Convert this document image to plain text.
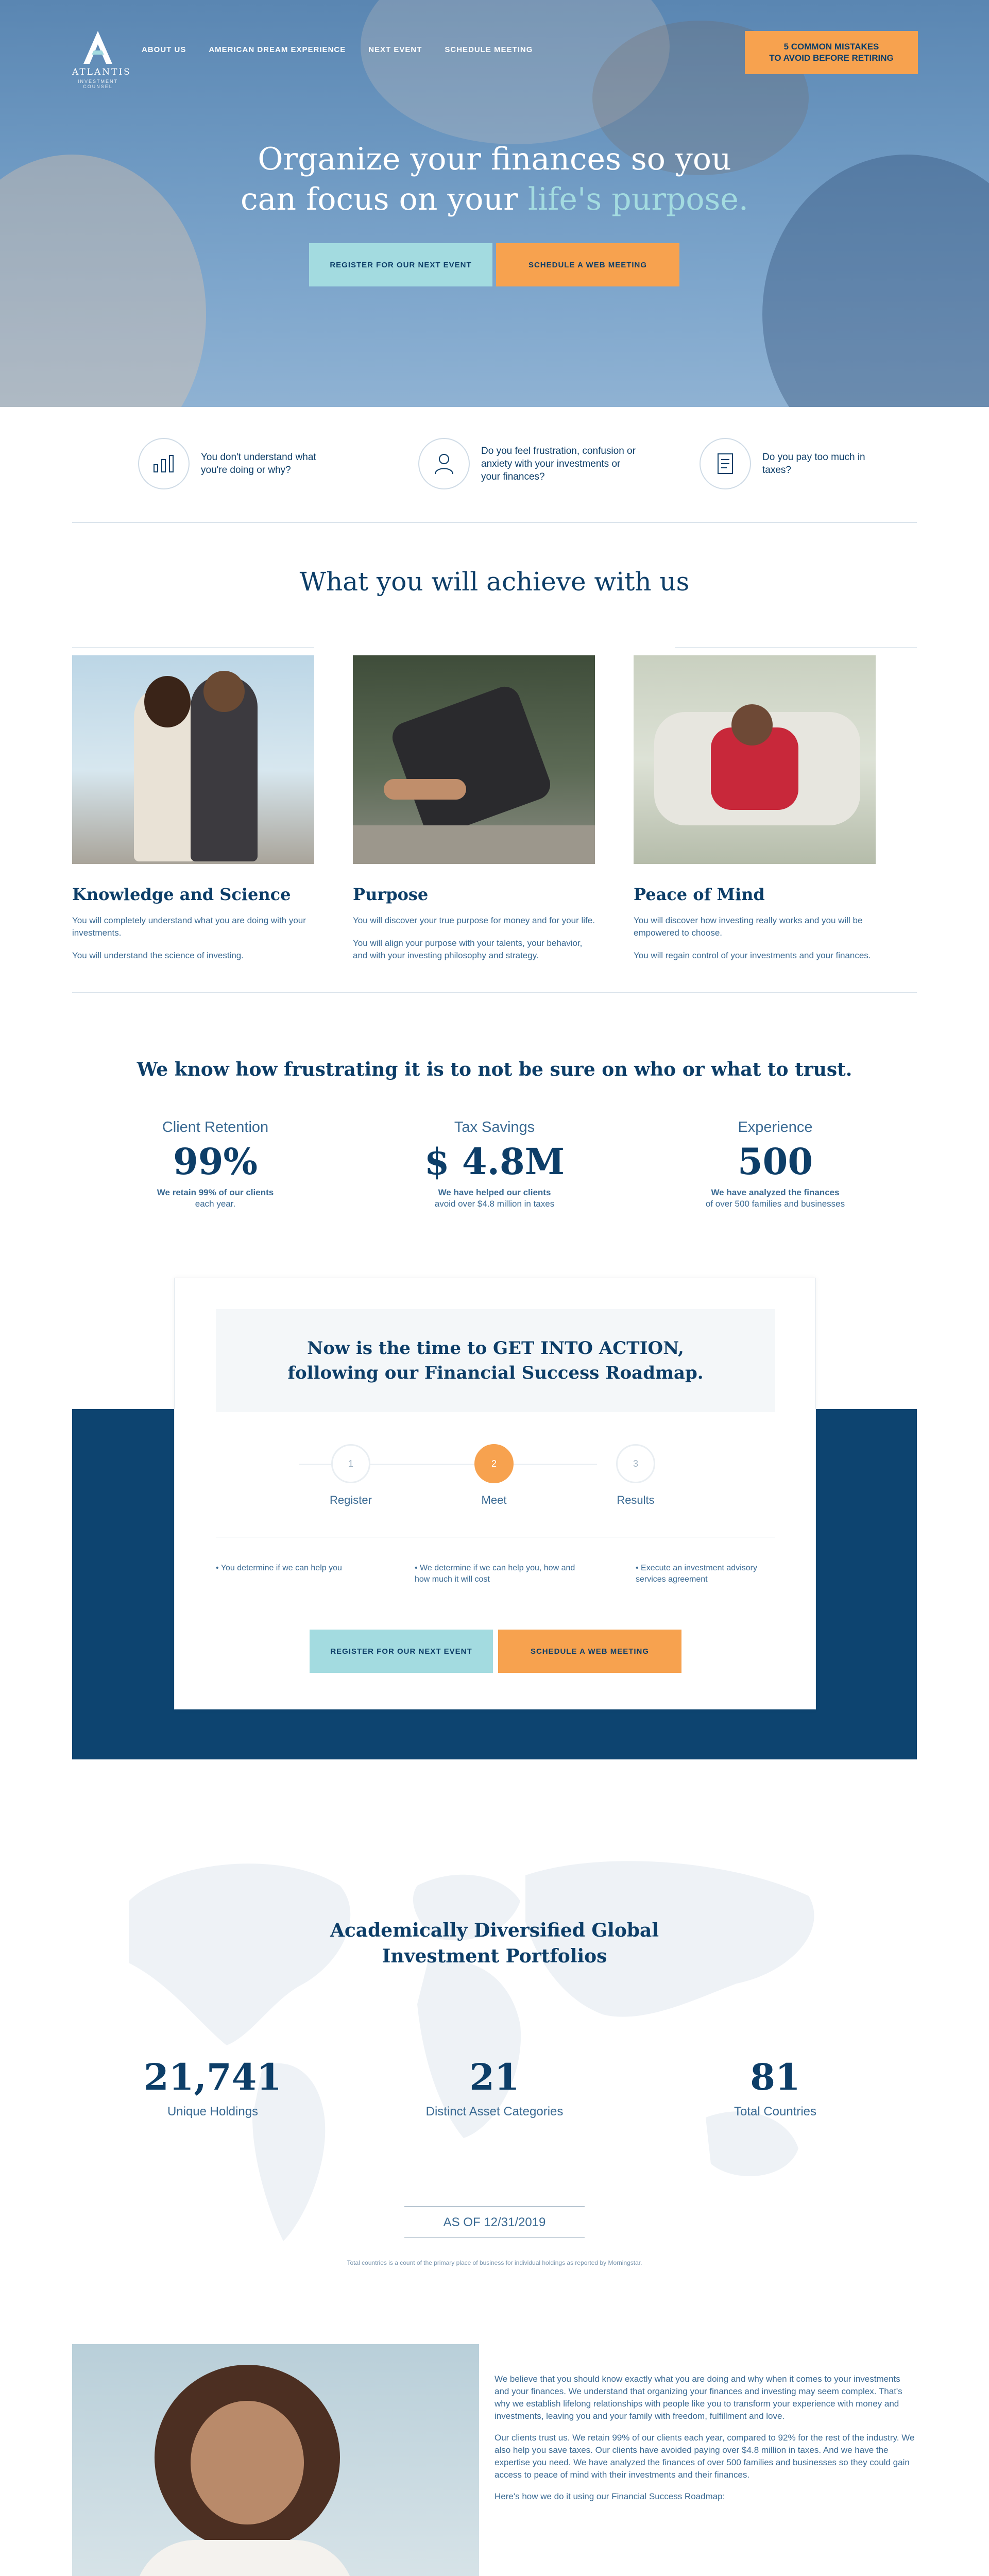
ATLANTIS
INVESTMENT COUNSEL
ABOUT US	AMERICAN DREAM EXPERIENCE	NEXT EVENT	SCHEDULE MEETING	5 COMMON MISTAKES
TO AVOID BEFORE RETIRING
Organize your finances so you
can focus on your life's purpose.
REGISTER FOR OUR NEXT EVENT	SCHEDULE A WEB MEETING
You don't understand what you're doing or why?
Do you feel frustration, confusion or anxiety with your investments or your finances?
Do you pay too much in taxes?
What you will achieve with us
Knowledge and Science

You will completely understand what you are doing with your investments.

You will understand the science of investing.

Purpose

You will discover your true purpose for money and for your life.

You will align your purpose with your talents, your behavior, and with your investing philosophy and strategy.

Peace of Mind

You will discover how investing really works and you will be empowered to choose.

You will regain control of your investments and your finances.

We know how frustrating it is to not be sure on who or what to trust.
Client Retention
99%
We retain 99% of our clients
each year.
Tax Savings
$ 4.8M
We have helped our clients
avoid over $4.8 million in taxes
Experience
500
We have analyzed the finances
of over 500 families and businesses
Now is the time to GET INTO ACTION,
following our Financial Success Roadmap.
1
Register
2
Meet
3
Results
• You determine if we can help you	• We determine if we can help you, how and how much it will cost
• Execute an investment advisory services agreement
REGISTER FOR OUR NEXT EVENT	SCHEDULE A WEB MEETING
Academically Diversified Global
Investment Portfolios
21,741
Unique Holdings
21
Distinct Asset Categories
81
Total Countries
AS OF 12/31/2019
Total countries is a count of the primary place of business for individual holdings as reported by Morningstar.

We believe that you should know exactly what you are doing and why when it comes to your investments and your finances. We understand that organizing your finances and investing may seem complex. That's why we establish lifelong relationships with people like you to transform your experience with money and investments, leaving you and your family with freedom, fulfillment and love.

Our clients trust us. We retain 99% of our clients each year, compared to 92% for the rest of the industry. We also help you save taxes. Our clients have avoided paying over $4.8 million in taxes. And we have the expertise you need. We have analyzed the finances of over 500 families and businesses so they could gain access to peace of mind with their investments and their finances.

Here's how we do it using our Financial Success Roadmap:
